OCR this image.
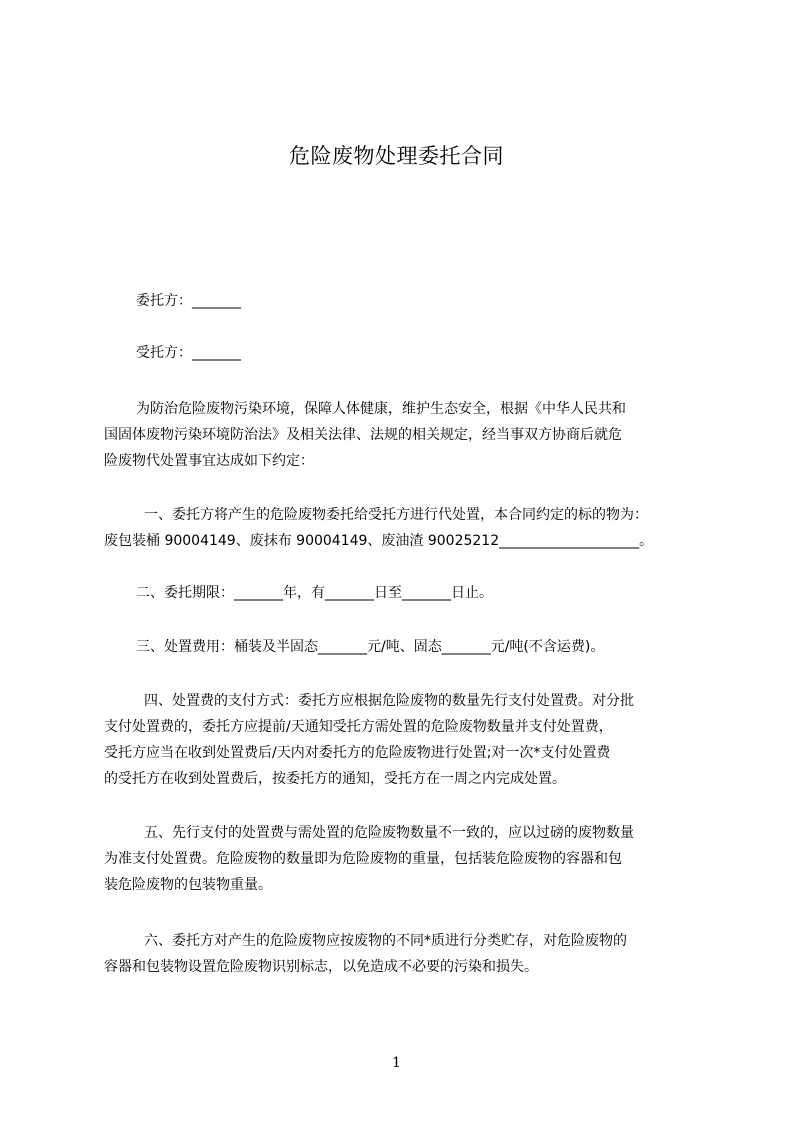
危险废物处理委托合同
委托方：_______
受托方：_______
为防治危险废物污染环境，保障人体健康，维护生态安全，根据《中华人民共和
国固体废物污染环境防治法》及相关法律、法规的相关规定，经当事双方协商后就危
险废物代处置事宜达成如下约定：
一、委托方将产生的危险废物委托给受托方进行代处置，本合同约定的标的物为：
废包装桶 90004149、废抹布 90004149、废油渣 90025212____________________。
二、委托期限：_______年，有_______日至_______日止。
三、处置费用：桶装及半固态_______元/吨、固态_______元/吨(不含运费)。
四、处置费的支付方式：委托方应根据危险废物的数量先行支付处置费。对分批
支付处置费的，委托方应提前/天通知受托方需处置的危险废物数量并支付处置费，
受托方应当在收到处置费后/天内对委托方的危险废物进行处置;对一次*支付处置费
的受托方在收到处置费后，按委托方的通知，受托方在一周之内完成处置。
五、先行支付的处置费与需处置的危险废物数量不一致的，应以过磅的废物数量
为准支付处置费。危险废物的数量即为危险废物的重量，包括装危险废物的容器和包
装危险废物的包装物重量。
六、委托方对产生的危险废物应按废物的不同*质进行分类贮存，对危险废物的
容器和包装物设置危险废物识别标志，以免造成不必要的污染和损失。
1
